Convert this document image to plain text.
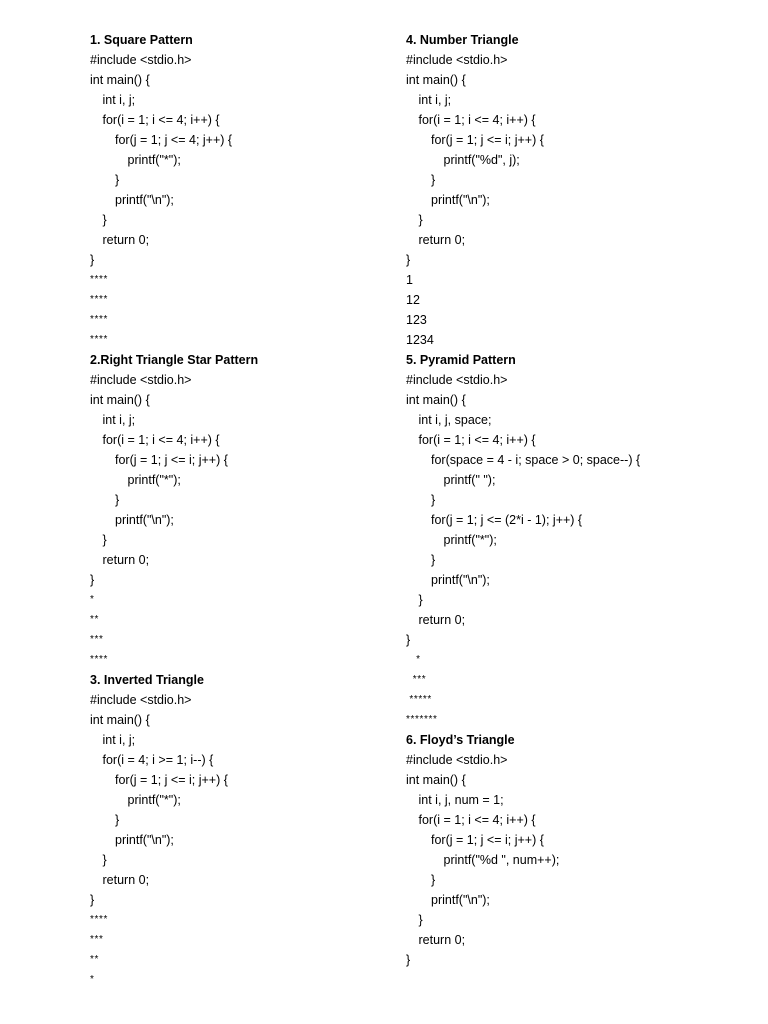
1. Square Pattern
#include <stdio.h>
int main() {
int i, j;
for(i = 1; i <= 4; i++) {
for(j = 1; j <= 4; j++) {
printf("*");
}
printf("\n");
}
return 0;
}
****
****
****
****
2.Right Triangle Star Pattern
#include <stdio.h>
int main() {
int i, j;
for(i = 1; i <= 4; i++) {
for(j = 1; j <= i; j++) {
printf("*");
}
printf("\n");
}
return 0;
}
*
**
***
****
3. Inverted Triangle
#include <stdio.h>
int main() {
int i, j;
for(i = 4; i >= 1; i--) {
for(j = 1; j <= i; j++) {
printf("*");
}
printf("\n");
}
return 0;
}
****
***
**
*
4. Number Triangle
#include <stdio.h>
int main() {
int i, j;
for(i = 1; i <= 4; i++) {
for(j = 1; j <= i; j++) {
printf("%d", j);
}
printf("\n");
}
return 0;
}
1
12
123
1234
5. Pyramid Pattern
#include <stdio.h>
int main() {
int i, j, space;
for(i = 1; i <= 4; i++) {
for(space = 4 - i; space > 0; space--) {
printf(" ");
}
for(j = 1; j <= (2*i - 1); j++) {
printf("*");
}
printf("\n");
}
return 0;
}
*
***
*****
*******
6. Floyd’s Triangle
#include <stdio.h>
int main() {
int i, j, num = 1;
for(i = 1; i <= 4; i++) {
for(j = 1; j <= i; j++) {
printf("%d ", num++);
}
printf("\n");
}
return 0;
}
